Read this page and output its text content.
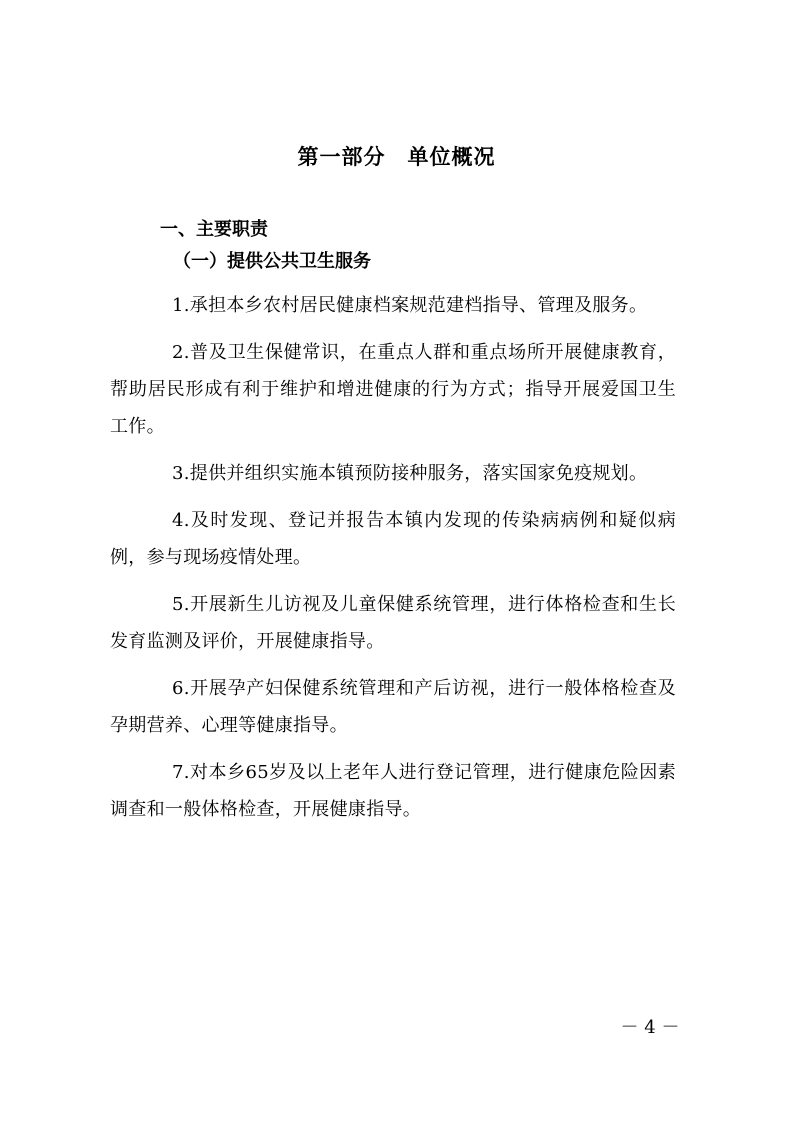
第一部分　单位概况
一、主要职责
（一）提供公共卫生服务

1.承担本乡农村居民健康档案规范建档指导、管理及服务。

2.普及卫生保健常识，在重点人群和重点场所开展健康教育，帮助居民形成有利于维护和增进健康的行为方式；指导开展爱国卫生工作。

3.提供并组织实施本镇预防接种服务，落实国家免疫规划。

4.及时发现、登记并报告本镇内发现的传染病病例和疑似病例，参与现场疫情处理。

5.开展新生儿访视及儿童保健系统管理，进行体格检查和生长发育监测及评价，开展健康指导。

6.开展孕产妇保健系统管理和产后访视，进行一般体格检查及孕期营养、心理等健康指导。

7.对本乡65岁及以上老年人进行登记管理，进行健康危险因素调查和一般体格检查，开展健康指导。

－ 4 －
